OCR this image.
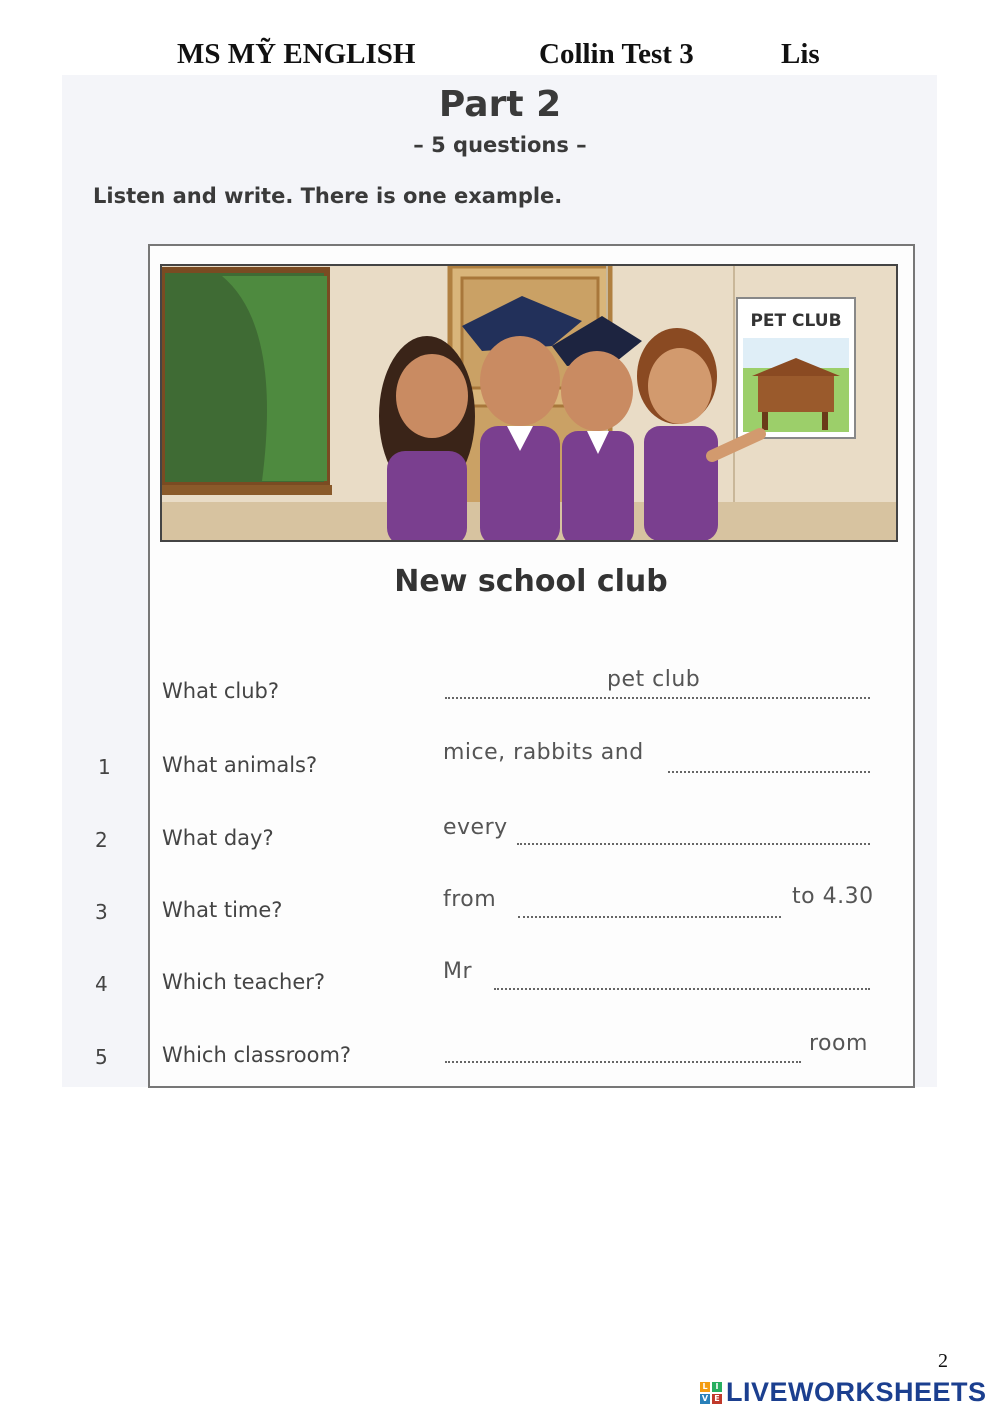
MS MỸ ENGLISH	Collin Test 3	Lis
Part 2
– 5 questions –
Listen and write. There is one example.
PET CLUB
New school club
What club?	pet club
1 What animals?	mice, rabbits and
2	What day?	every
3	What time?	from	to 4.30
4	Which teacher?	Mr
5	Which classroom?	room
2
L I
V E LIVEWORKSHEETS
